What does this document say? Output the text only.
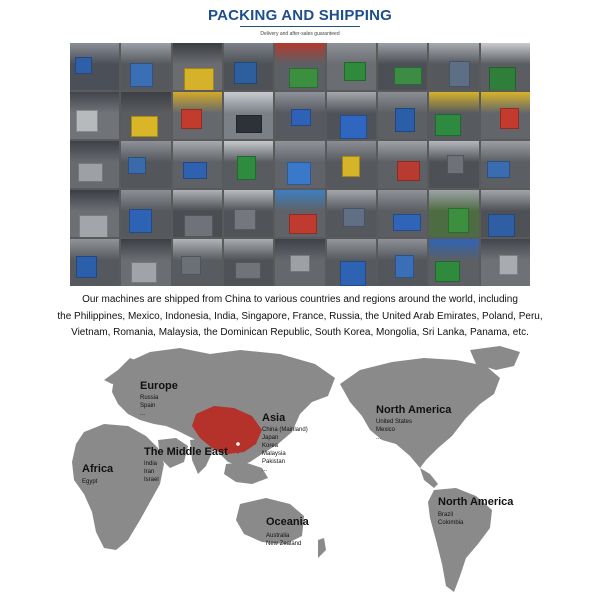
PACKING AND SHIPPING
Delivery and after-sales guaranteed
Our machines are shipped from China to various countries and regions around the world, including
the Philippines, Mexico, Indonesia, India, Singapore, France, Russia, the United Arab Emirates, Poland, Peru,
Vietnam, Romania, Malaysia, the Dominican Republic, South Korea, Mongolia, Sri Lanka, Panama, etc.
Europe
Russia
Spain
...	Asia
China (Mainland)
Japan
Korea
Malaysia
Pakistan
...
The Middle East
India
Iran
Israel
Africa
Egypt
North America
United States
Mexico
...
North America
Brazil
Colombia
Oceania
Australia
New Zealand
